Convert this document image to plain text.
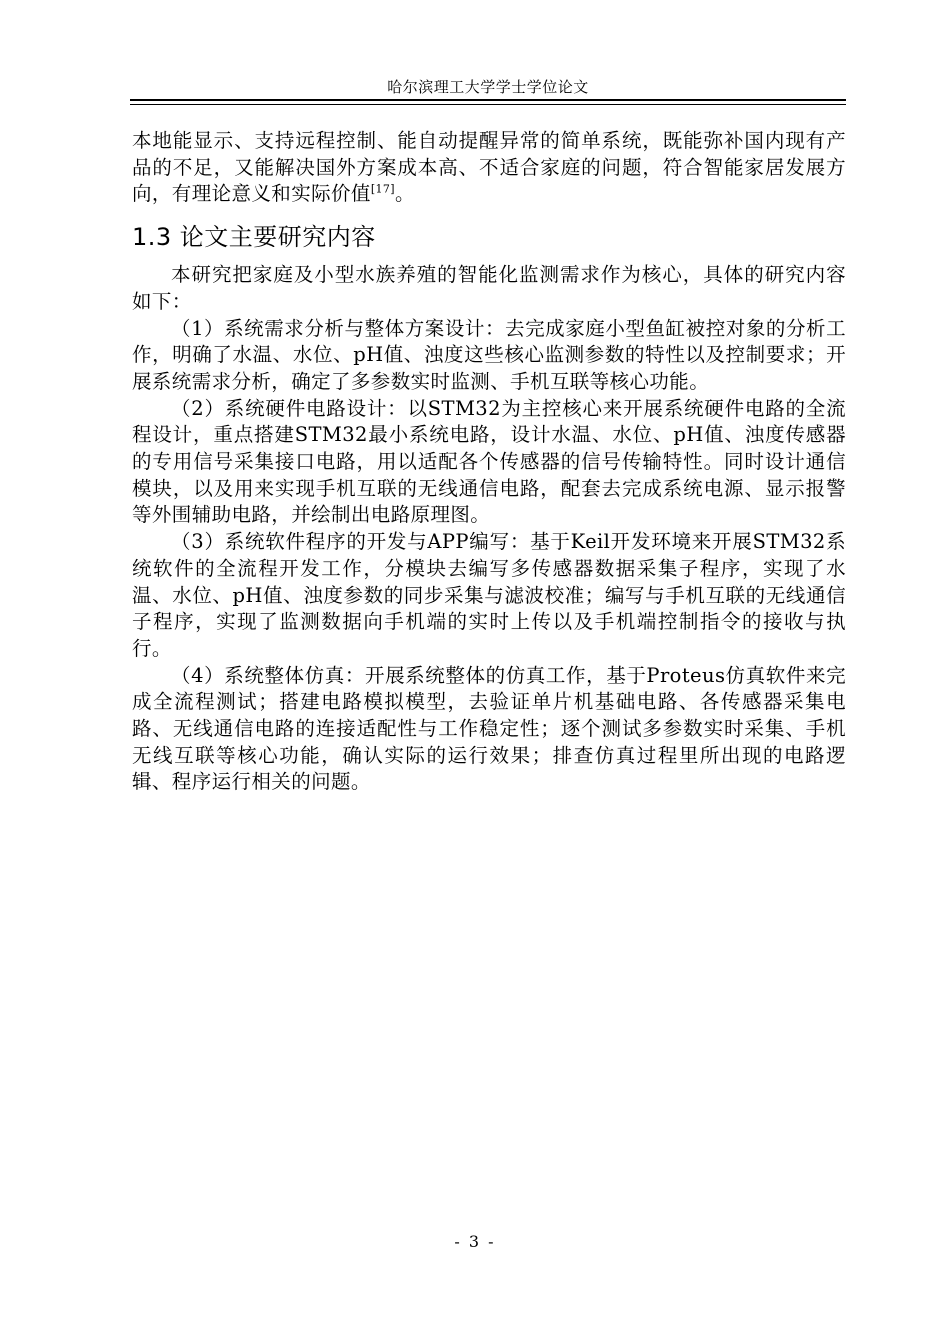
哈尔滨理工大学学士学位论文

本地能显示、支持远程控制、能自动提醒异常的简单系统，既能弥补国内现有产品的不足，又能解决国外方案成本高、不适合家庭的问题，符合智能家居发展方向，有理论意义和实际价值[17]。

1.3 论文主要研究内容

本研究把家庭及小型水族养殖的智能化监测需求作为核心，具体的研究内容如下：

（1）系统需求分析与整体方案设计：去完成家庭小型鱼缸被控对象的分析工作，明确了水温、水位、pH值、浊度这些核心监测参数的特性以及控制要求；开展系统需求分析，确定了多参数实时监测、手机互联等核心功能。

（2）系统硬件电路设计：以STM32为主控核心来开展系统硬件电路的全流程设计，重点搭建STM32最小系统电路，设计水温、水位、pH值、浊度传感器的专用信号采集接口电路，用以适配各个传感器的信号传输特性。同时设计通信模块，以及用来实现手机互联的无线通信电路，配套去完成系统电源、显示报警等外围辅助电路，并绘制出电路原理图。

（3）系统软件程序的开发与APP编写：基于Keil开发环境来开展STM32系统软件的全流程开发工作，分模块去编写多传感器数据采集子程序，实现了水温、水位、pH值、浊度参数的同步采集与滤波校准；编写与手机互联的无线通信子程序，实现了监测数据向手机端的实时上传以及手机端控制指令的接收与执行。

（4）系统整体仿真：开展系统整体的仿真工作，基于Proteus仿真软件来完成全流程测试；搭建电路模拟模型，去验证单片机基础电路、各传感器采集电路、无线通信电路的连接适配性与工作稳定性；逐个测试多参数实时采集、手机无线互联等核心功能，确认实际的运行效果；排查仿真过程里所出现的电路逻辑、程序运行相关的问题。

- 3 -
